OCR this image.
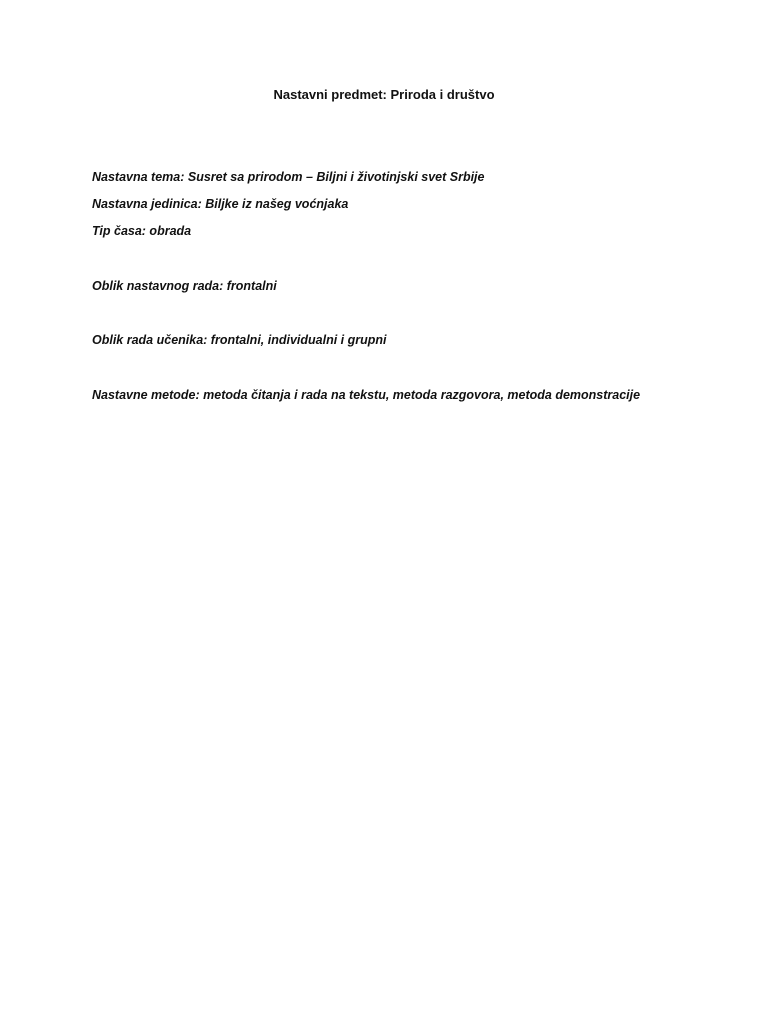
Nastavni predmet: Priroda i društvo
Nastavna tema: Susret sa prirodom – Biljni i životinjski svet Srbije
Nastavna jedinica: Biljke iz našeg voćnjaka
Tip časa: obrada
Oblik nastavnog rada: frontalni
Oblik rada učenika: frontalni, individualni i grupni
Nastavne metode: metoda čitanja i rada na tekstu, metoda razgovora, metoda demonstracije
